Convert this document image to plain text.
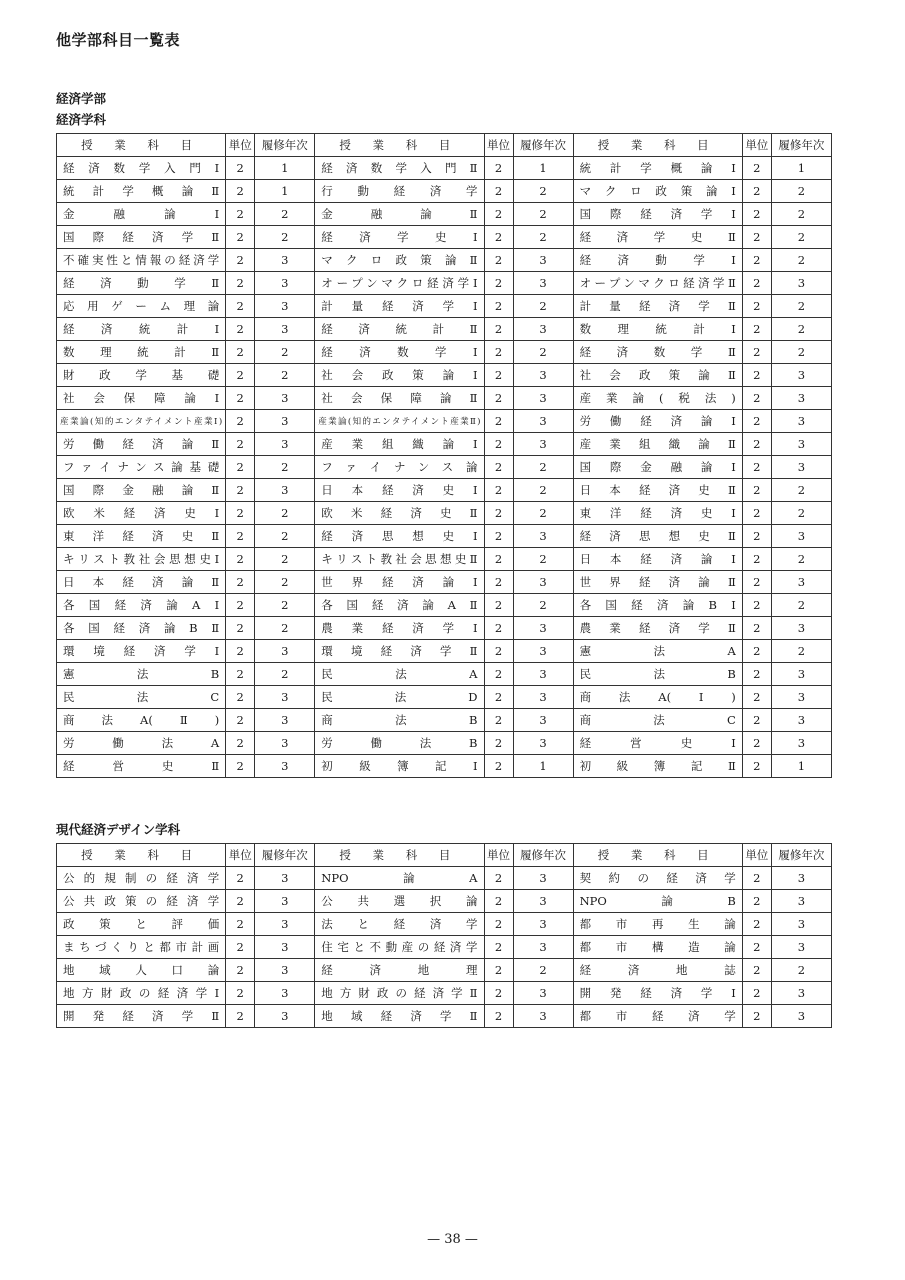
他学部科目一覧表
経済学部
経済学科
授 業 科 目	単位	履修年次	授 業 科 目	単位	履修年次	授 業 科 目	単位	履修年次
経済数学入門Ⅰ	2	1	経済数学入門Ⅱ	2	1	統計学概論Ⅰ	2	1
統計学概論Ⅱ	2	1	行動経済学	2	2	マクロ政策論Ⅰ	2	2
金融論Ⅰ	2	2	金融論Ⅱ	2	2	国際経済学Ⅰ	2	2
国際経済学Ⅱ	2	2	経済学史Ⅰ	2	2	経済学史Ⅱ	2	2
不確実性と情報の経済学	2	3	マクロ政策論Ⅱ	2	3	経済動学Ⅰ	2	2
経済動学Ⅱ	2	3	オープンマクロ経済学Ⅰ	2	3	オープンマクロ経済学Ⅱ	2	3
応用ゲーム理論	2	3	計量経済学Ⅰ	2	2	計量経済学Ⅱ	2	2
経済統計Ⅰ	2	3	経済統計Ⅱ	2	3	数理統計Ⅰ	2	2
数理統計Ⅱ	2	2	経済数学Ⅰ	2	2	経済数学Ⅱ	2	2
財政学基礎	2	2	社会政策論Ⅰ	2	3	社会政策論Ⅱ	2	3
社会保障論Ⅰ	2	3	社会保障論Ⅱ	2	3	産業論(税法)	2	3
産業論(知的エンタテイメント産業Ⅰ)	2	3	産業論(知的エンタテイメント産業Ⅱ)	2	3	労働経済論Ⅰ	2	3
労働経済論Ⅱ	2	3	産業組織論Ⅰ	2	3	産業組織論Ⅱ	2	3
ファイナンス論基礎	2	2	ファイナンス論	2	2	国際金融論Ⅰ	2	3
国際金融論Ⅱ	2	3	日本経済史Ⅰ	2	2	日本経済史Ⅱ	2	2
欧米経済史Ⅰ	2	2	欧米経済史Ⅱ	2	2	東洋経済史Ⅰ	2	2
東洋経済史Ⅱ	2	2	経済思想史Ⅰ	2	3	経済思想史Ⅱ	2	3
キリスト教社会思想史Ⅰ	2	2	キリスト教社会思想史Ⅱ	2	2	日本経済論Ⅰ	2	2
日本経済論Ⅱ	2	2	世界経済論Ⅰ	2	3	世界経済論Ⅱ	2	3
各国経済論AⅠ	2	2	各国経済論AⅡ	2	2	各国経済論BⅠ	2	2
各国経済論BⅡ	2	2	農業経済学Ⅰ	2	3	農業経済学Ⅱ	2	3
環境経済学Ⅰ	2	3	環境経済学Ⅱ	2	3	憲法A	2	2
憲法B	2	2	民法A	2	3	民法B	2	3
民法C	2	3	民法D	2	3	商法A(Ⅰ)	2	3
商法A(Ⅱ)	2	3	商法B	2	3	商法C	2	3
労働法A	2	3	労働法B	2	3	経営史Ⅰ	2	3
経営史Ⅱ	2	3	初級簿記Ⅰ	2	1	初級簿記Ⅱ	2	1
現代経済デザイン学科
授 業 科 目	単位	履修年次	授 業 科 目	単位	履修年次	授 業 科 目	単位	履修年次
公的規制の経済学	2	3	NPO論A	2	3	契約の経済学	2	3
公共政策の経済学	2	3	公共選択論	2	3	NPO論B	2	3
政策と評価	2	3	法と経済学	2	3	都市再生論	2	3
まちづくりと都市計画	2	3	住宅と不動産の経済学	2	3	都市構造論	2	3
地域人口論	2	3	経済地理	2	2	経済地誌	2	2
地方財政の経済学Ⅰ	2	3	地方財政の経済学Ⅱ	2	3	開発経済学Ⅰ	2	3
開発経済学Ⅱ	2	3	地域経済学Ⅱ	2	3	都市経済学	2	3
— 38 —
